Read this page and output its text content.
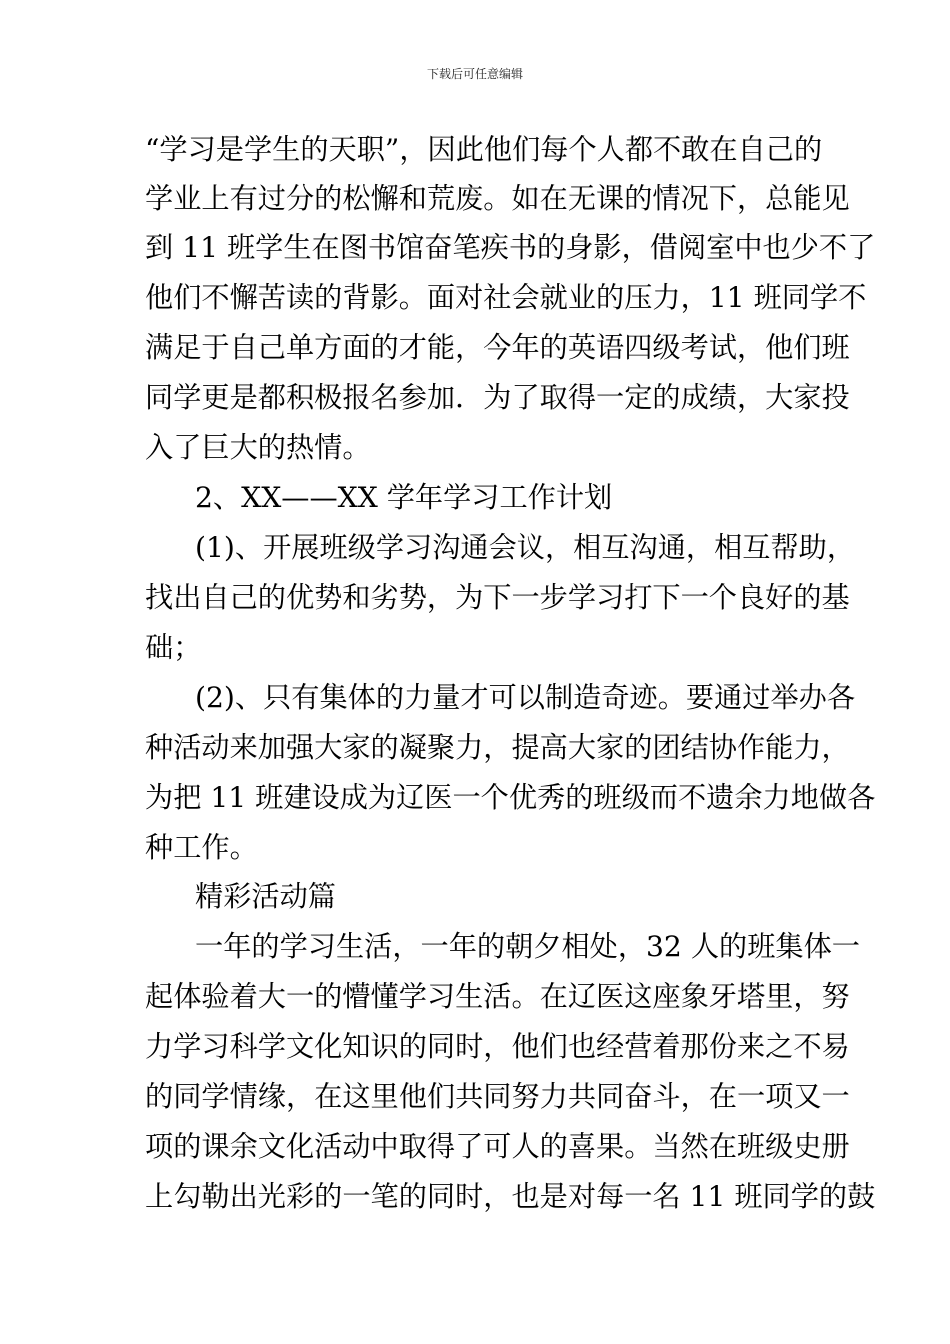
下载后可任意编辑
“学习是学生的天职”，因此他们每个人都不敢在自己的
学业上有过分的松懈和荒废。如在无课的情况下，总能见
到 11 班学生在图书馆奋笔疾书的身影，借阅室中也少不了
他们不懈苦读的背影。面对社会就业的压力，11 班同学不
满足于自己单方面的才能，今年的英语四级考试，他们班
同学更是都积极报名参加．为了取得一定的成绩，大家投
入了巨大的热情。
2、XX——XX 学年学习工作计划
(1)、开展班级学习沟通会议，相互沟通，相互帮助，
找出自己的优势和劣势，为下一步学习打下一个良好的基
础；
(2)、只有集体的力量才可以制造奇迹。要通过举办各
种活动来加强大家的凝聚力，提高大家的团结协作能力，
为把 11 班建设成为辽医一个优秀的班级而不遗余力地做各
种工作。
精彩活动篇
一年的学习生活，一年的朝夕相处，32 人的班集体一
起体验着大一的懵懂学习生活。在辽医这座象牙塔里，努
力学习科学文化知识的同时，他们也经营着那份来之不易
的同学情缘，在这里他们共同努力共同奋斗，在一项又一
项的课余文化活动中取得了可人的喜果。当然在班级史册
上勾勒出光彩的一笔的同时，也是对每一名 11 班同学的鼓
